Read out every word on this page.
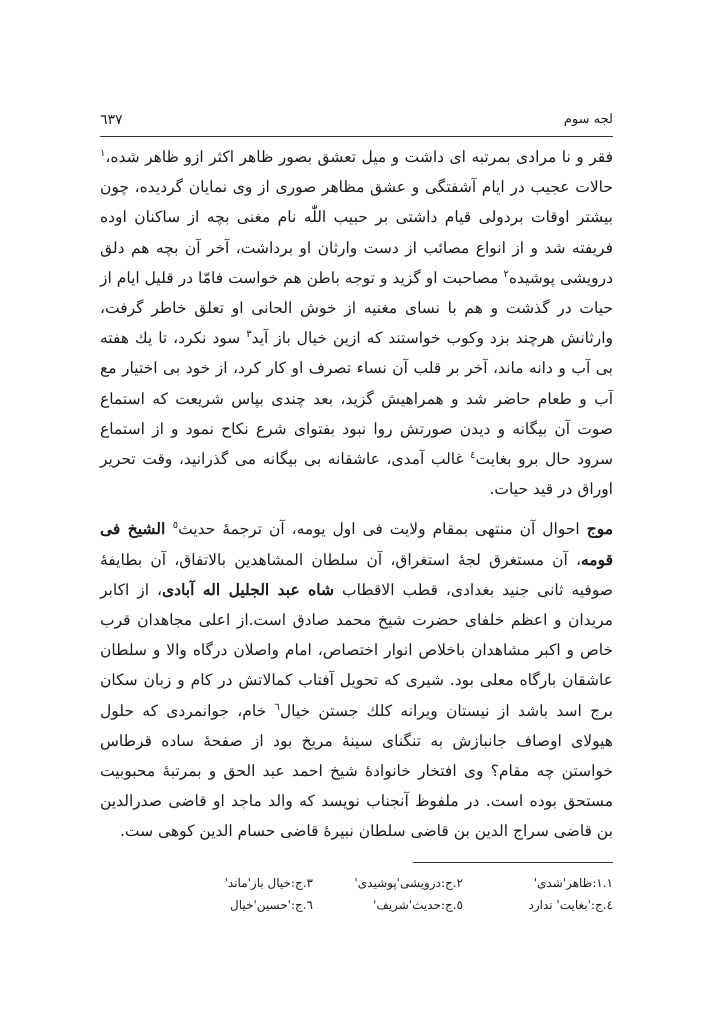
لجه سوم
٦٣٧

فقر و نا مرادی بمرتبه ای داشت و میل تعشق بصور ظاهر اکثر ازو ظاهر شده،$^١$ حالات عجیب در ایام آشفتگی و عشق مظاهر صوری از وی نمایان گردیده، چون بیشتر اوقات بردولی قیام داشتی بر حبیب اللّٰه نام مغنی بچه از ساکنان اوده فریفته شد و از انواع مصائب از دست وارثان او برداشت، آخر آن بچه هم دلق درویشی پوشیده$^٢$ مصاحبت او گزید و توجه باطن هم خواست فامّا در قلیل ایام از حیات در گذشت و هم با نسای مغنیه از خوش الحانی او تعلق خاطر گرفت، وارثانش هرچند بزد وکوب خواستند که ازین خیال باز آید$^٣$ سود نکرد، تا یك هفته بی آب و دانه ماند، آخر بر قلب آن نساء تصرف او کار کرد، از خود بی اختیار مع آب و طعام حاضر شد و همراهیش گزید، بعد چندی بپاس شریعت که استماع صوت آن بیگانه و دیدن صورتش روا نبود بفتوای شرع نکاح نمود و از استماع سرود حال برو بغایت$^٤$ غالب آمدی، عاشقانه بی بیگانه می گذرانید، وقت تحریر اوراق در قید حیات.

موج احوال آن منتهی بمقام ولایت فی اول یومه، آن ترجمهٔ حدیث$^٥$ الشیخ فی قومه، آن مستغرق لجهٔ استغراق، آن سلطان المشاهدین بالاتفاق، آن بطایفهٔ صوفیه ثانی جنید بغدادی، قطب الاقطاب شاه عبد الجلیل اله آبادی، از اکابر مریدان و اعظم خلفای حضرت شیخ محمد صادق است.از اعلی مجاهدان قرب خاص و اکبر مشاهدان باخلاص انوار اختصاص، امام واصلان درگاه والا و سلطان عاشقان بارگاه معلی بود. شیری که تحویل آفتاب کمالاتش در کام و زبان سکان برج اسد باشد از نیستان ویرانه کلك جستن خیال$^٦$ خام، جوانمردی که حلول هیولای اوصاف جانبازش به تنگنای سینهٔ مریخ بود از صفحهٔ ساده قرطاس خواستن چه مقام؟ وی افتخار خانوادهٔ شیخ احمد عبد الحق و بمرتبهٔ محبوبیت مستحق بوده است. در ملفوظ آنجناب نویسد که والد ماجد او قاضی صدرالدین بن قاضی سراج الدین بن قاضی سلطان نبیرهٔ قاضی حسام الدین کوهی ست.

١.١:ظاهر'شدی'
٢.ج:درویشی'پوشیدی'
٣.ج:خیال باز'ماند'
٤.ج:'بغایت' ندارد
٥.ج:حدیث'شریف'
٦.ج:'حسین'خیال
